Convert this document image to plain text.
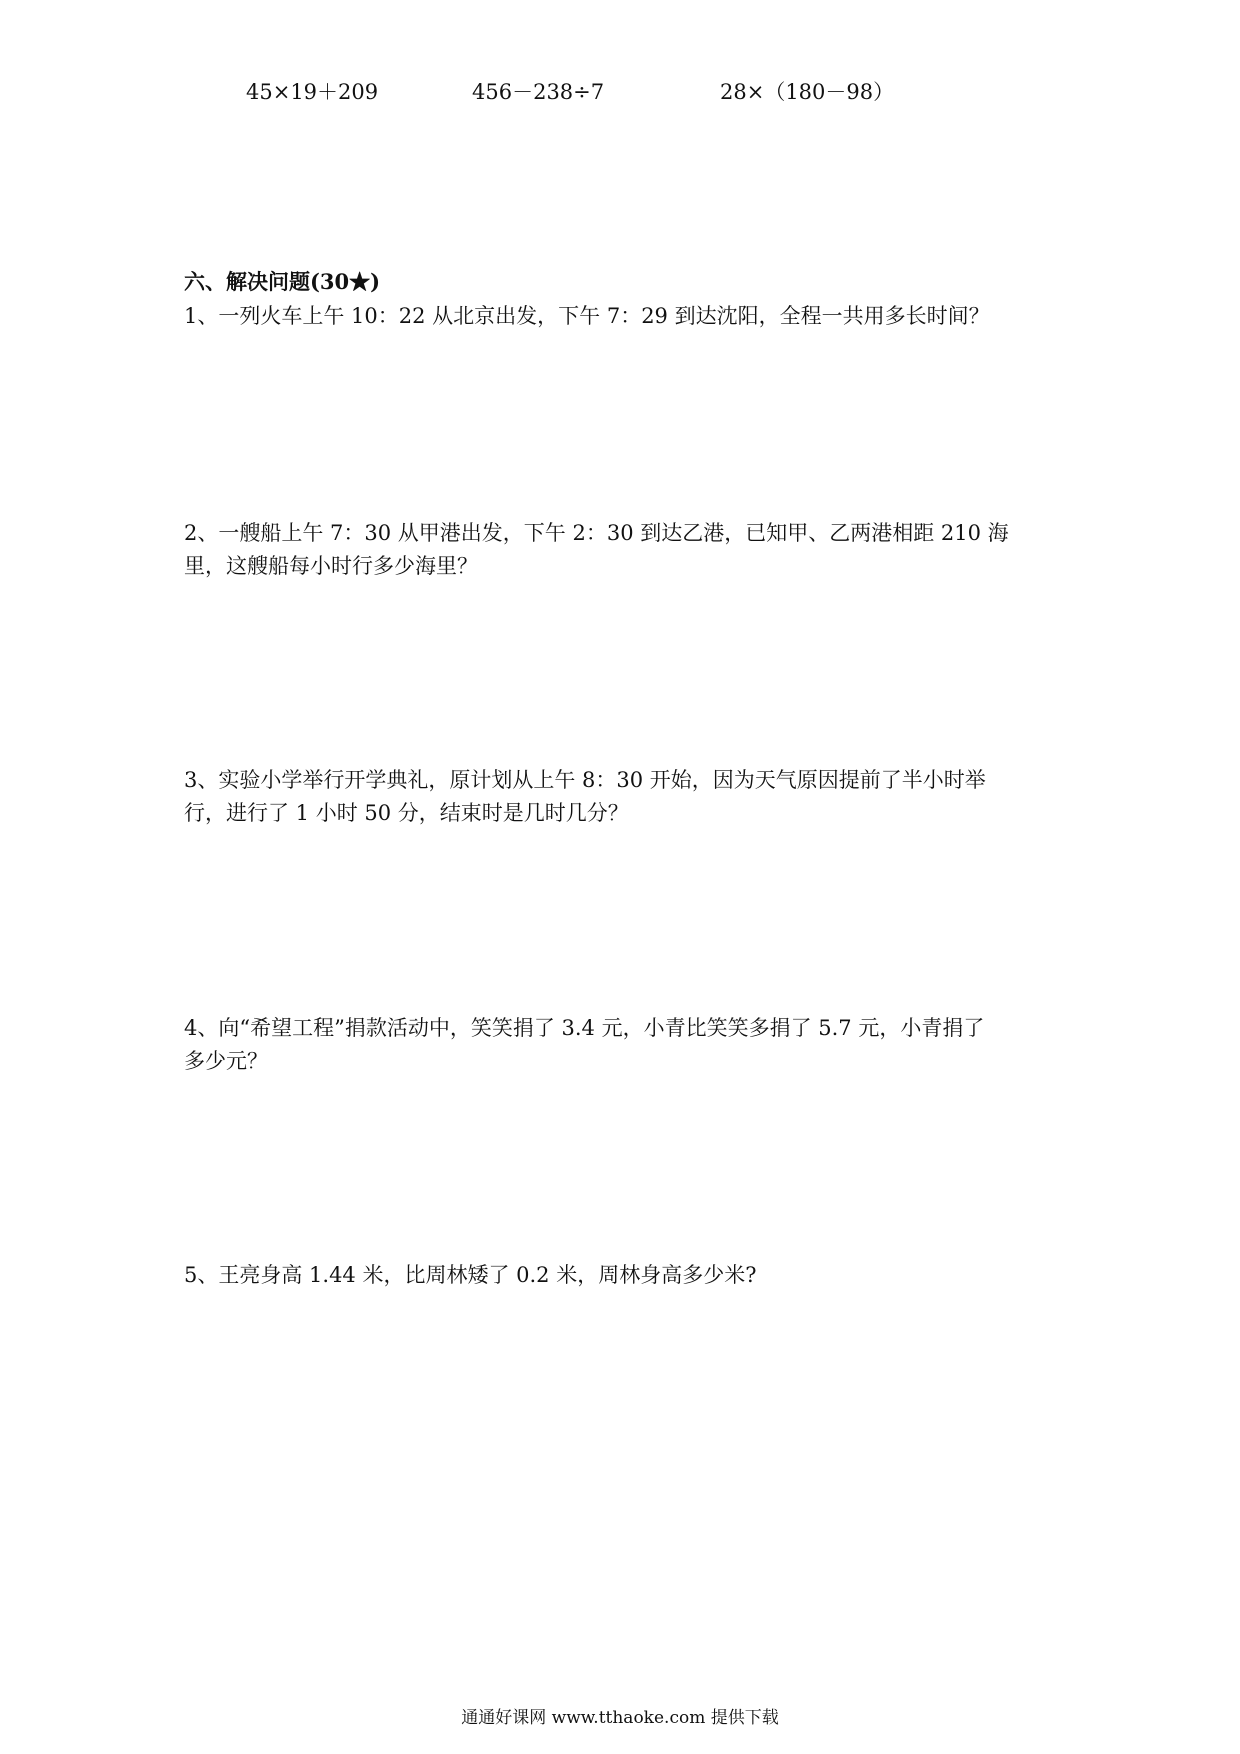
45×19＋209	456－238÷7	28×（180－98）
六、解决问题(30★)
1、一列火车上午 10：22 从北京出发，下午 7：29 到达沈阳，全程一共用多长时间？
2、一艘船上午 7：30 从甲港出发，下午 2：30 到达乙港，已知甲、乙两港相距 210 海
里，这艘船每小时行多少海里？
3、实验小学举行开学典礼，原计划从上午 8：30 开始，因为天气原因提前了半小时举
行，进行了 1 小时 50 分，结束时是几时几分？
4、向“希望工程”捐款活动中，笑笑捐了 3.4 元，小青比笑笑多捐了 5.7 元，小青捐了
多少元？
5、王亮身高 1.44 米，比周林矮了 0.2 米，周林身高多少米?
通通好课网 www.tthaoke.com 提供下载
